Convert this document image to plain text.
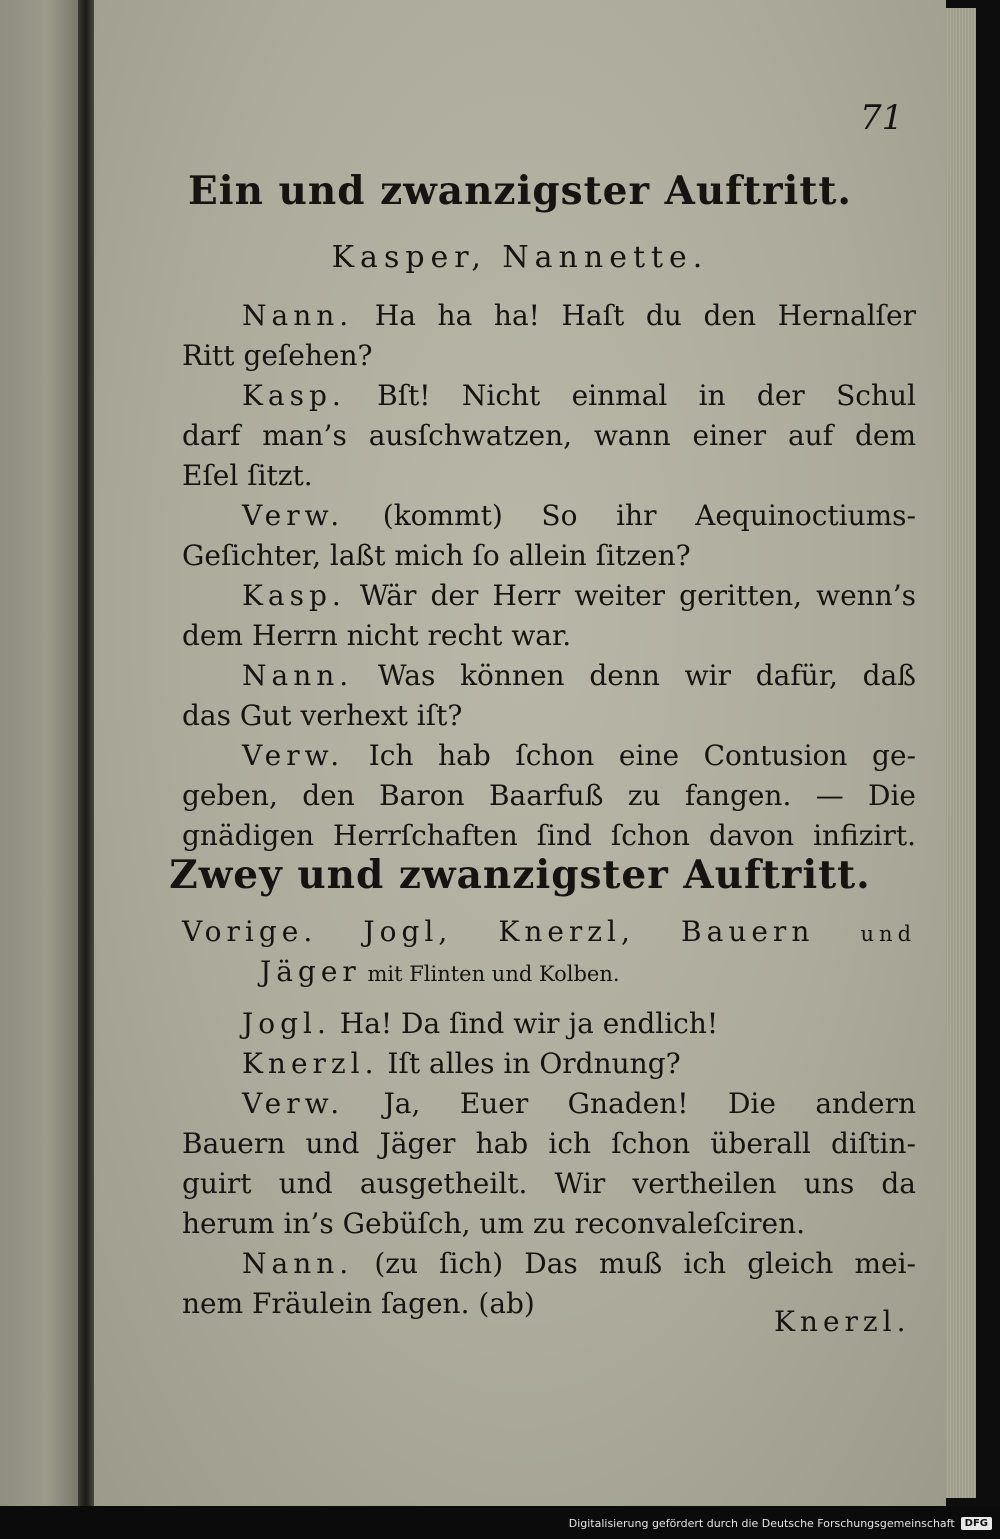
71
Ein und zwanzigster Auftritt.
Kasper, Nannette.
Nann. Ha ha ha! Haſt du den Hernalſer
Ritt geſehen?
Kasp. Bſt! Nicht einmal in der Schul
darf man’s ausſchwatzen, wann einer auf dem
Eſel ſitzt.
Verw. (kommt) So ihr Aequinoctiums-
Geſichter, laßt mich ſo allein ſitzen?
Kasp. Wär der Herr weiter geritten, wenn’s
dem Herrn nicht recht war.
Nann. Was können denn wir dafür, daß
das Gut verhext iſt?
Verw. Ich hab ſchon eine Contusion ge-
geben, den Baron Baarfuß zu fangen. — Die
gnädigen Herrſchaften ſind ſchon davon infizirt.
Zwey und zwanzigster Auftritt.
Vorige. Jogl, Knerzl, Bauern und
Jäger mit Flinten und Kolben.
Jogl. Ha! Da ſind wir ja endlich!
Knerzl. Iſt alles in Ordnung?
Verw. Ja, Euer Gnaden! Die andern
Bauern und Jäger hab ich ſchon überall diſtin-
guirt und ausgetheilt. Wir vertheilen uns da
herum in’s Gebüſch, um zu reconvaleſciren.
Nann. (zu ſich) Das muß ich gleich mei-
nem Fräulein ſagen. (ab)
Knerzl.
Digitalisierung gefördert durch die Deutsche Forschungsgemeinschaft	DFG
